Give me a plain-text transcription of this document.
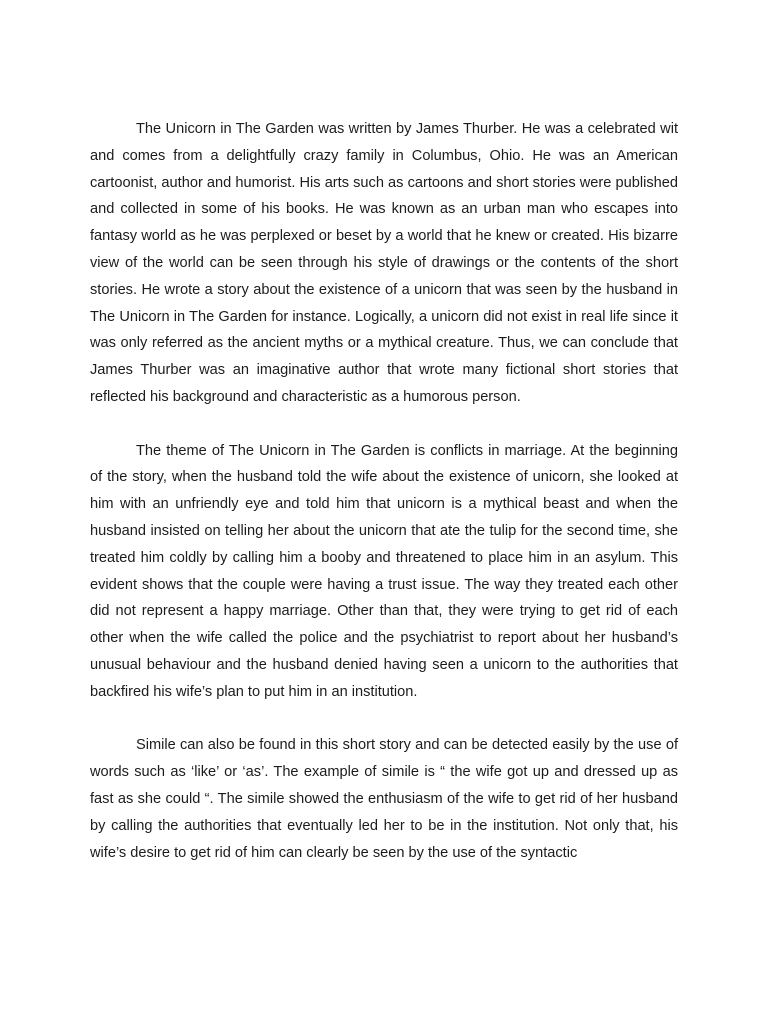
The Unicorn in The Garden was written by James Thurber. He was a celebrated wit and comes from a delightfully crazy family in Columbus, Ohio. He was an American cartoonist, author and humorist. His arts such as cartoons and short stories were published and collected in some of his books. He was known as an urban man who escapes into fantasy world as he was perplexed or beset by a world that he knew or created. His bizarre view of the world can be seen through his style of drawings or the contents of the short stories. He wrote a story about the existence of a unicorn that was seen by the husband in The Unicorn in The Garden for instance. Logically, a unicorn did not exist in real life since it was only referred as the ancient myths or a mythical creature. Thus, we can conclude that James Thurber was an imaginative author that wrote many fictional short stories that reflected his background and characteristic as a humorous person.

The theme of The Unicorn in The Garden is conflicts in marriage. At the beginning of the story, when the husband told the wife about the existence of unicorn, she looked at him with an unfriendly eye and told him that unicorn is a mythical beast and when the husband insisted on telling her about the unicorn that ate the tulip for the second time, she treated him coldly by calling him a booby and threatened to place him in an asylum. This evident shows that the couple were having a trust issue. The way they treated each other did not represent a happy marriage. Other than that, they were trying to get rid of each other when the wife called the police and the psychiatrist to report about her husband’s unusual behaviour and the husband denied having seen a unicorn to the authorities that backfired his wife’s plan to put him in an institution.

Simile can also be found in this short story and can be detected easily by the use of words such as ‘like’ or ‘as’. The example of simile is “ the wife got up and dressed up as fast as she could “. The simile showed the enthusiasm of the wife to get rid of her husband by calling the authorities that eventually led her to be in the institution. Not only that, his wife’s desire to get rid of him can clearly be seen by the use of the syntactic
